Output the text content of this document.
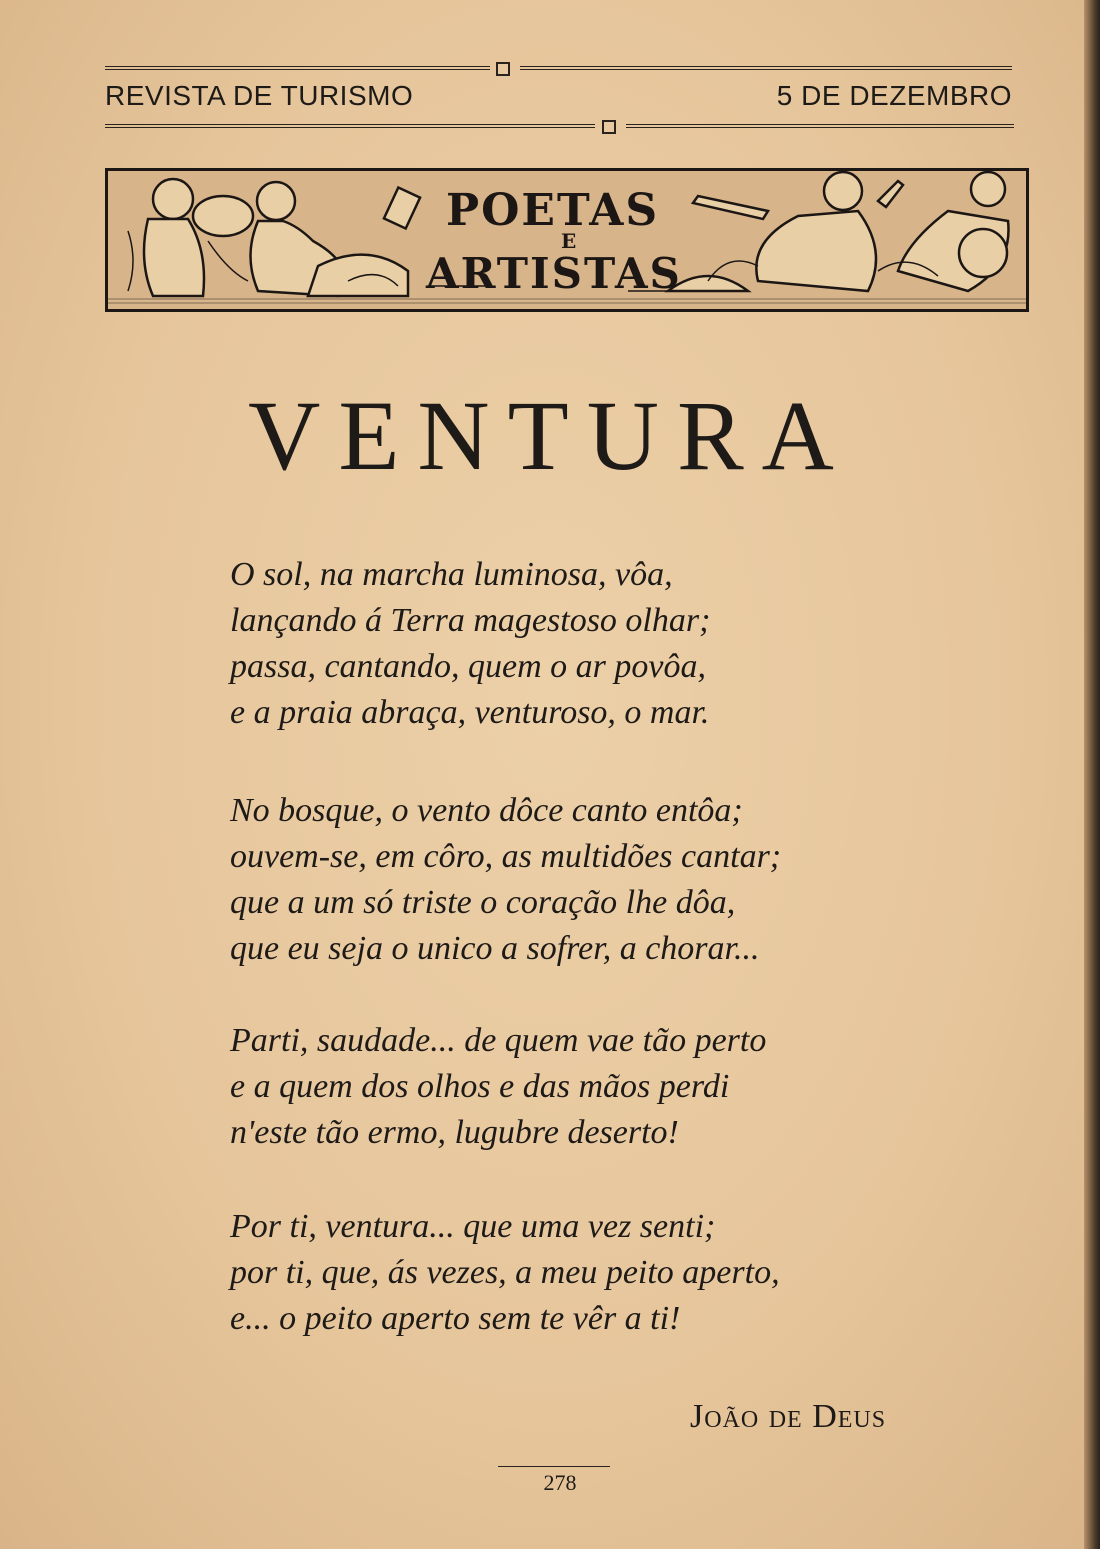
REVISTA DE TURISMO	5 DE DEZEMBRO
POETAS
E
ARTISTAS
VENTURA
O sol, na marcha luminosa, vôa,
lançando á Terra magestoso olhar;
passa, cantando, quem o ar povôa,
e a praia abraça, venturoso, o mar.
No bosque, o vento dôce canto entôa;
ouvem-se, em côro, as multidões cantar;
que a um só triste o coração lhe dôa,
que eu seja o unico a sofrer, a chorar...
Parti, saudade... de quem vae tão perto
e a quem dos olhos e das mãos perdi
n'este tão ermo, lugubre deserto!
Por ti, ventura... que uma vez senti;
por ti, que, ás vezes, a meu peito aperto,
e... o peito aperto sem te vêr a ti!
João de Deus
278
